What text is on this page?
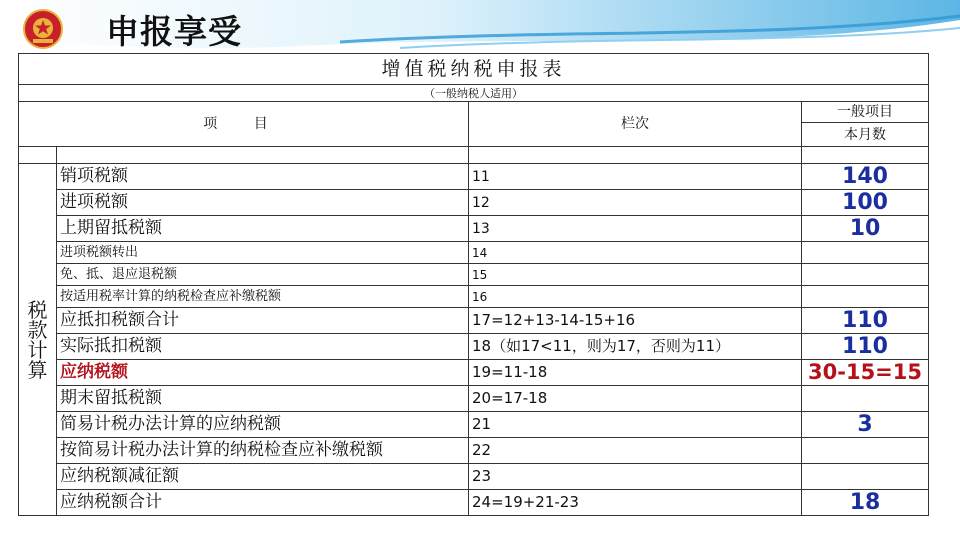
申报享受
增值税纳税申报表			
（一般纳税人适用）			
项 目		栏次	一般项目
			本月数

税
款
计
算	销项税额	11	140
	进项税额	12	100
	上期留抵税额	13	10
	进项税额转出	14	
	免、抵、退应退税额	15	
	按适用税率计算的纳税检查应补缴税额	16	
	应抵扣税额合计	17=12+13-14-15+16	110
	实际抵扣税额	18（如17<11，则为17，否则为11）	110
	应纳税额	19=11-18	30-15=15
	期末留抵税额	20=17-18	
	简易计税办法计算的应纳税额	21	3
	按简易计税办法计算的纳税检查应补缴税额	22	
	应纳税额减征额	23	
	应纳税额合计	24=19+21-23	18
